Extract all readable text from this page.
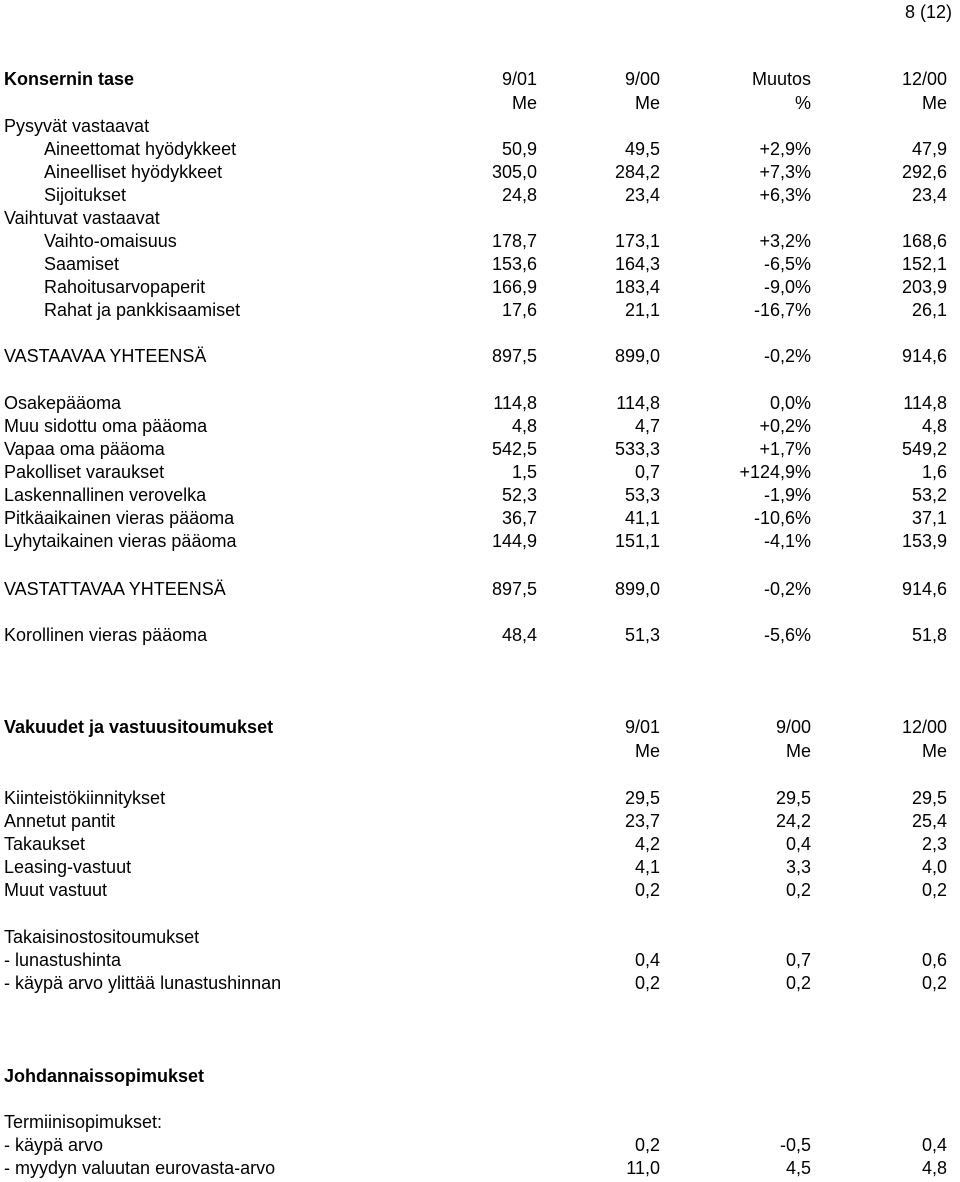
8 (12)
Konsernin tase	9/01	9/00	Muutos	12/00
Me	Me	%	Me
Pysyvät vastaavat
Aineettomat hyödykkeet	50,9	49,5	+2,9%	47,9
Aineelliset hyödykkeet	305,0	284,2	+7,3%	292,6
Sijoitukset	24,8	23,4	+6,3%	23,4
Vaihtuvat vastaavat
Vaihto-omaisuus	178,7	173,1	+3,2%	168,6
Saamiset	153,6	164,3	-6,5%	152,1
Rahoitusarvopaperit	166,9	183,4	-9,0%	203,9
Rahat ja pankkisaamiset	17,6	21,1	-16,7%	26,1
VASTAAVAA YHTEENSÄ	897,5	899,0	-0,2%	914,6
Osakepääoma	114,8	114,8	0,0%	114,8
Muu sidottu oma pääoma	4,8	4,7	+0,2%	4,8
Vapaa oma pääoma	542,5	533,3	+1,7%	549,2
Pakolliset varaukset	1,5	0,7	+124,9%	1,6
Laskennallinen verovelka	52,3	53,3	-1,9%	53,2
Pitkäaikainen vieras pääoma	36,7	41,1	-10,6%	37,1
Lyhytaikainen vieras pääoma	144,9	151,1	-4,1%	153,9
VASTATTAVAA YHTEENSÄ	897,5	899,0	-0,2%	914,6
Korollinen vieras pääoma	48,4	51,3	-5,6%	51,8
Vakuudet ja vastuusitoumukset	9/01	9/00	12/00
Me	Me	Me
Kiinteistökiinnitykset	29,5	29,5	29,5
Annetut pantit	23,7	24,2	25,4
Takaukset	4,2	0,4	2,3
Leasing-vastuut	4,1	3,3	4,0
Muut vastuut	0,2	0,2	0,2
Takaisinostositoumukset
- lunastushinta	0,4	0,7	0,6
- käypä arvo ylittää lunastushinnan	0,2	0,2	0,2
Johdannaissopimukset
Termiinisopimukset:
- käypä arvo	0,2	-0,5	0,4
- myydyn valuutan eurovasta-arvo	11,0	4,5	4,8
